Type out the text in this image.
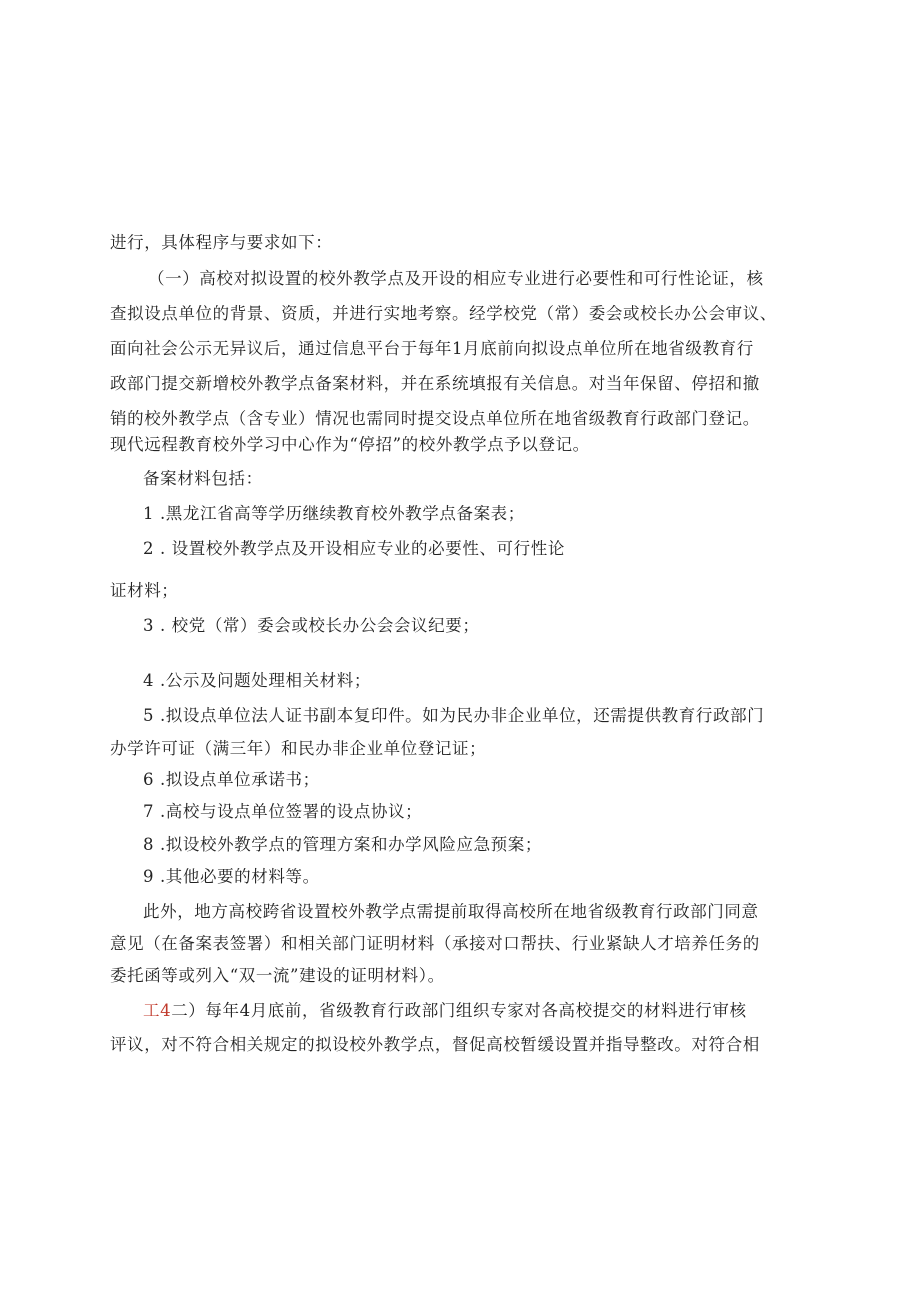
进行，具体程序与要求如下：
（一）高校对拟设置的校外教学点及开设的相应专业进行必要性和可行性论证，核
查拟设点单位的背景、资质，并进行实地考察。经学校党（常）委会或校长办公会审议、
面向社会公示无异议后，通过信息平台于每年1月底前向拟设点单位所在地省级教育行
政部门提交新增校外教学点备案材料，并在系统填报有关信息。对当年保留、停招和撤
销的校外教学点（含专业）情况也需同时提交设点单位所在地省级教育行政部门登记。
现代远程教育校外学习中心作为“停招”的校外教学点予以登记。
备案材料包括：
1 .黑龙江省高等学历继续教育校外教学点备案表；
2 . 设置校外教学点及开设相应专业的必要性、可行性论
证材料；
3 . 校党（常）委会或校长办公会会议纪要；
4 .公示及问题处理相关材料；
5 .拟设点单位法人证书副本复印件。如为民办非企业单位，还需提供教育行政部门
办学许可证（满三年）和民办非企业单位登记证；
6 .拟设点单位承诺书；
7 .高校与设点单位签署的设点协议；
8 .拟设校外教学点的管理方案和办学风险应急预案；
9 .其他必要的材料等。
此外，地方高校跨省设置校外教学点需提前取得高校所在地省级教育行政部门同意
意见（在备案表签署）和相关部门证明材料（承接对口帮扶、行业紧缺人才培养任务的
委托函等或列入“双一流”建设的证明材料）。
工4二）每年4月底前，省级教育行政部门组织专家对各高校提交的材料进行审核
评议，对不符合相关规定的拟设校外教学点，督促高校暂缓设置并指导整改。对符合相
